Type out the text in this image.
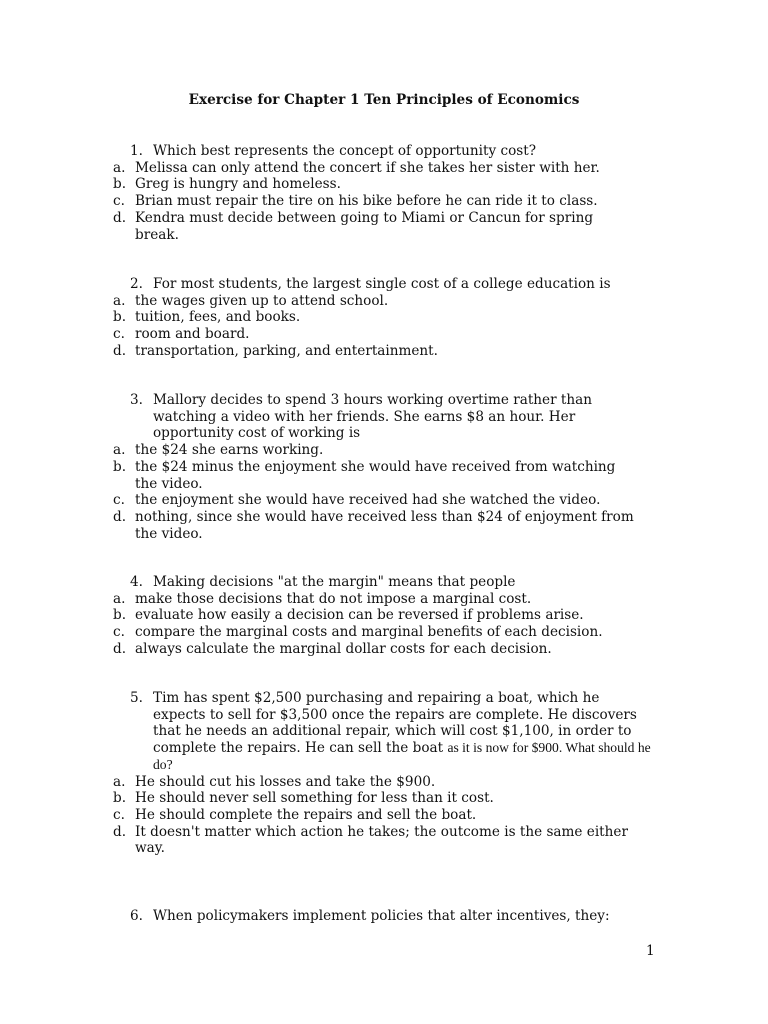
Exercise for Chapter 1 Ten Principles of Economics
1. Which best represents the concept of opportunity cost?
a. Melissa can only attend the concert if she takes her sister with her.
b. Greg is hungry and homeless.
c. Brian must repair the tire on his bike before he can ride it to class.
d. Kendra must decide between going to Miami or Cancun for spring break.
2. For most students, the largest single cost of a college education is
a. the wages given up to attend school.
b. tuition, fees, and books.
c. room and board.
d. transportation, parking, and entertainment.
3. Mallory decides to spend 3 hours working overtime rather than watching a video with her friends. She earns $8 an hour. Her opportunity cost of working is
a. the $24 she earns working.
b. the $24 minus the enjoyment she would have received from watching the video.
c. the enjoyment she would have received had she watched the video.
d. nothing, since she would have received less than $24 of enjoyment from the video.
4. Making decisions "at the margin" means that people
a. make those decisions that do not impose a marginal cost.
b. evaluate how easily a decision can be reversed if problems arise.
c. compare the marginal costs and marginal benefits of each decision.
d. always calculate the marginal dollar costs for each decision.
5. Tim has spent $2,500 purchasing and repairing a boat, which he expects to sell for $3,500 once the repairs are complete. He discovers that he needs an additional repair, which will cost $1,100, in order to complete the repairs. He can sell the boat as it is now for $900. What should he do?
a. He should cut his losses and take the $900.
b. He should never sell something for less than it cost.
c. He should complete the repairs and sell the boat.
d. It doesn't matter which action he takes; the outcome is the same either way.
6. When policymakers implement policies that alter incentives, they:
1
